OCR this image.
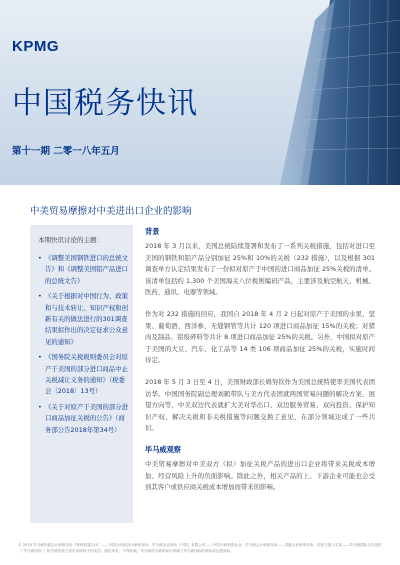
KPMG
中国税务快讯
第十一期 二零一八年五月
中美贸易摩擦对中美进出口企业的影响
本期快讯讨论的主题：
• 《调整美国钢铁进口的总统文告》和《调整美国铝产品进口的总统文告》
• 《关于根据对中国行为、政策和与技术转让、知识产权和创新有关的做法进行的301调查结果拟作出的决定征求公众意见的通知》
• 《国务院关税税则委员会对原产于美国的部分进口商品中止关税减让义务的通知》（税委会〔2018〕13号）
• 《关于对原产于美国的部分进口商品加征关税的公告》（商务部公告2018年第34号）
背景

2018 年 3 月以来，美国总统陆续签署和发布了一系列关税措施，包括对进口至美国的钢铁和铝产品分别加征 25%和 10%的关税（232 措施），以及根据 301 调查单方认定结果发布了一份拟对原产于中国的进口商品加征 25%关税的清单。该清单包括约 1,300 个美国海关八位税则编码产品，主要涉及航空航天、机械、医药、通讯、电器等领域。

作为对 232 措施的回应，我国自 2018 年 4 月 2 日起对原产于美国的水果、坚果、葡萄酒、西洋参、无缝钢管等共计 120 项进口商品加征 15%的关税；对猪肉及制品、铝废碎料等共计 8 项进口商品加征 25%的关税。另外，中国拟对原产于美国的大豆、汽车、化工品等 14 类 106 项商品加征 25%的关税，实施时间待定。

2018 年 5 月 3 日至 4 日，美国财政部长姆努钦作为美国总统特使率美国代表团访华。中国国务院副总理刘鹤带队与美方代表团就两国贸易问题的解决方案、展望方向等，中美双边代表就扩大美对华出口、双边服务贸易、双向投资、保护知识产权、解决关税和非关税措施等问题交换了意见，在部分领域达成了一些共识。

毕马威观察

中美贸易摩擦对中美双方（拟）加征关税产品的进出口企业将带来关税成本增加、经营风险上升的负面影响。除此之外，相关产品的上、下游企业可能也会受到其客户或供应商关税成本增加而带来的影响。

© 2018 毕马威华振会计师事务所（特殊普通合伙）——中国合伙制会计师事务所；毕马威企业咨询（中国）有限公司——中国外商独资企业；毕马威会计师事务所——香港合伙制事务所，均是与瑞士实体——毕马威国际合作组织（“毕马威国际”）相关联的独立成员所网络中的成员。版权所有，不得转载。毕马威的名称和标识均属于毕马威国际的商标或注册商标。
